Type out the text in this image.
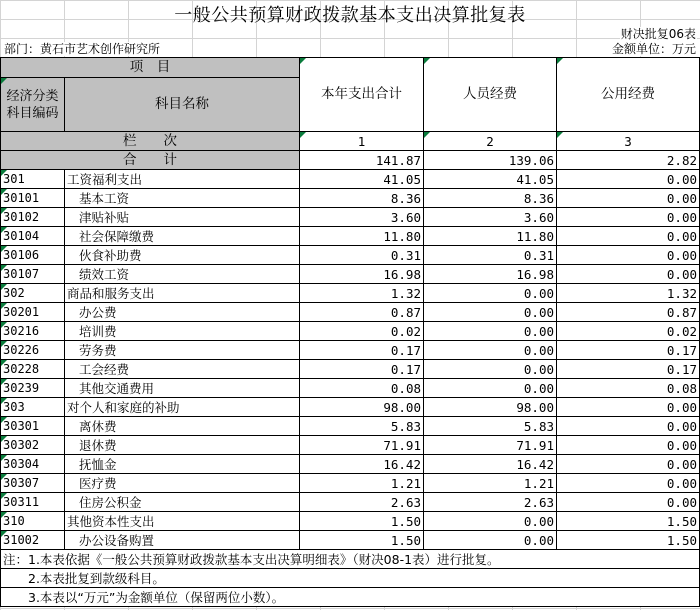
一般公共预算财政拨款基本支出决算批复表
财决批复06表
部门：黄石市艺术创作研究所	金额单位：万元
项　目		本年支出合计	人员经费	公用经费
经济分类
科目编码	科目名称			

栏　　次		1	2	3
合　　计		141.87	139.06	2.82
301	工资福利支出	41.05	41.05	0.00
30101	基本工资	8.36	8.36	0.00
30102	津贴补贴	3.60	3.60	0.00
30104	社会保障缴费	11.80	11.80	0.00
30106	伙食补助费	0.31	0.31	0.00
30107	绩效工资	16.98	16.98	0.00
302	商品和服务支出	1.32	0.00	1.32
30201	办公费	0.87	0.00	0.87
30216	培训费	0.02	0.00	0.02
30226	劳务费	0.17	0.00	0.17
30228	工会经费	0.17	0.00	0.17
30239	其他交通费用	0.08	0.00	0.08
303	对个人和家庭的补助	98.00	98.00	0.00
30301	离休费	5.83	5.83	0.00
30302	退休费	71.91	71.91	0.00
30304	抚恤金	16.42	16.42	0.00
30307	医疗费	1.21	1.21	0.00
30311	住房公积金	2.63	2.63	0.00
310	其他资本性支出	1.50	0.00	1.50
31002	办公设备购置	1.50	0.00	1.50
注：1.本表依据《一般公共预算财政拨款基本支出决算明细表》（财决08-1表）进行批复。				
　　2.本表批复到款级科目。				
　　3.本表以“万元”为金额单位（保留两位小数）。				
